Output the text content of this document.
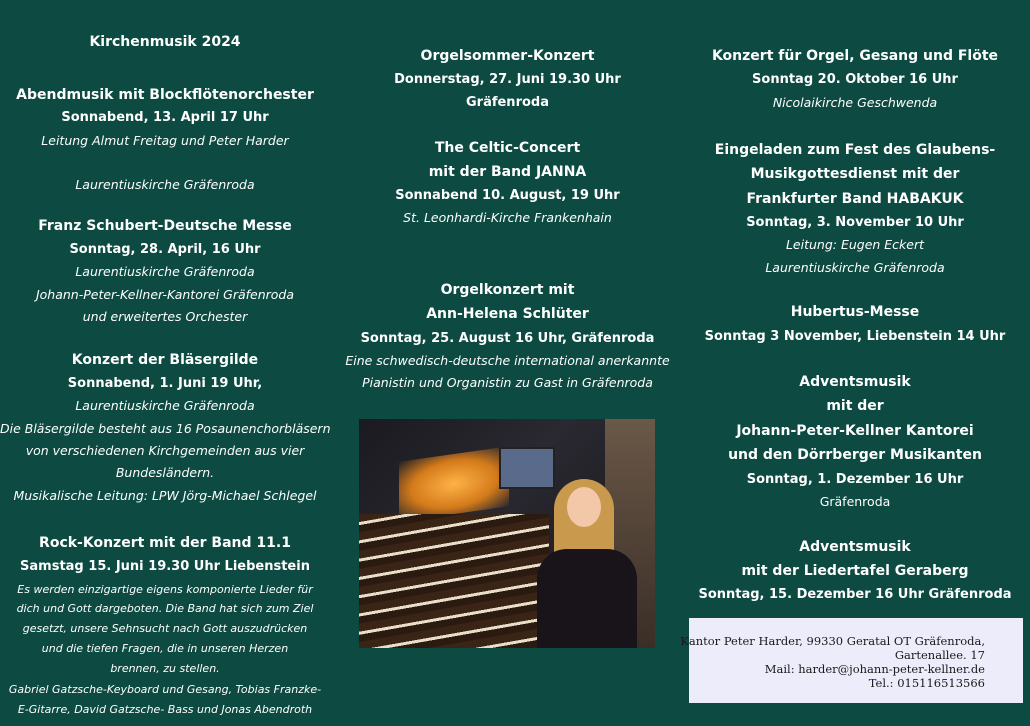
Kirchenmusik 2024
Abendmusik mit Blockflötenorchester
Sonnabend, 13. April 17 Uhr
Leitung Almut Freitag und Peter Harder
Laurentiuskirche Gräfenroda
Franz Schubert-Deutsche Messe
Sonntag, 28. April, 16 Uhr
Laurentiuskirche Gräfenroda
Johann-Peter-Kellner-Kantorei Gräfenroda
und erweitertes Orchester
Konzert der Bläsergilde
Sonnabend, 1. Juni 19 Uhr,
Laurentiuskirche Gräfenroda
Die Bläsergilde besteht aus 16 Posaunenchorbläsern
von verschiedenen Kirchgemeinden aus vier
Bundesländern.
Musikalische Leitung: LPW Jörg-Michael Schlegel
Rock-Konzert mit der Band 11.1
Samstag 15. Juni 19.30 Uhr Liebenstein
Es werden einzigartige eigens komponierte Lieder für
dich und Gott dargeboten. Die Band hat sich zum Ziel
gesetzt, unsere Sehnsucht nach Gott auszudrücken
und die tiefen Fragen, die in unseren Herzen
brennen, zu stellen.
Gabriel Gatzsche-Keyboard und Gesang, Tobias Franzke-
E-Gitarre, David Gatzsche- Bass und Jonas Abendroth
Orgelsommer-Konzert
Donnerstag, 27. Juni 19.30 Uhr
Gräfenroda
The Celtic-Concert
mit der Band JANNA
Sonnabend 10. August, 19 Uhr
St. Leonhardi-Kirche Frankenhain
Orgelkonzert mit
Ann-Helena Schlüter
Sonntag, 25. August 16 Uhr, Gräfenroda
Eine schwedisch-deutsche international anerkannte
Pianistin und Organistin zu Gast in Gräfenroda
Konzert für Orgel, Gesang und Flöte
Sonntag 20. Oktober 16 Uhr
Nicolaikirche Geschwenda
Eingeladen zum Fest des Glaubens-
Musikgottesdienst mit der
Frankfurter Band HABAKUK
Sonntag, 3. November 10 Uhr
Leitung: Eugen Eckert
Laurentiuskirche Gräfenroda
Hubertus-Messe
Sonntag 3 November, Liebenstein 14 Uhr
Adventsmusik
mit der
Johann-Peter-Kellner Kantorei
und den Dörrberger Musikanten
Sonntag, 1. Dezember 16 Uhr
Gräfenroda
Adventsmusik
mit der Liedertafel Geraberg
Sonntag, 15. Dezember 16 Uhr Gräfenroda
Kantor Peter Harder, 99330 Geratal OT Gräfenroda,
Gartenallee. 17
Mail: harder@johann-peter-kellner.de
Tel.: 015116513566
